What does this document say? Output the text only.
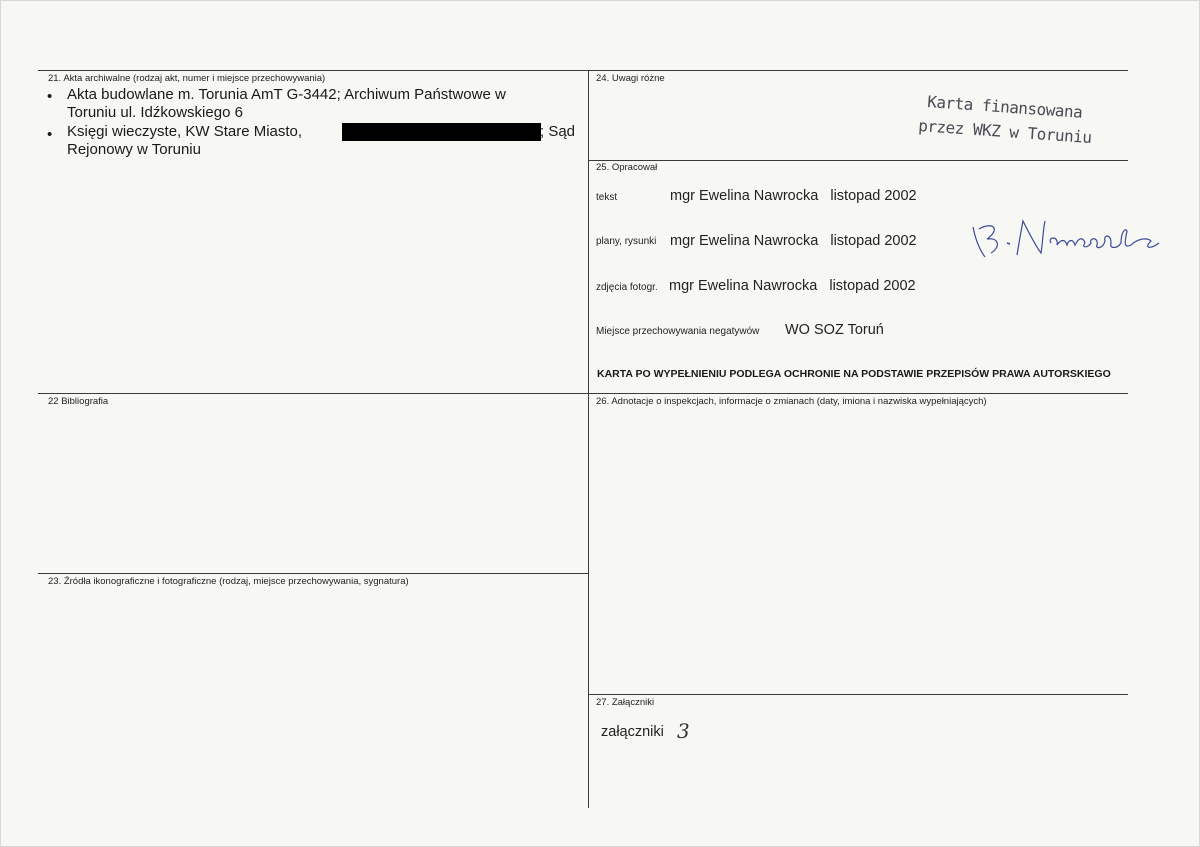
21. Akta archiwalne (rodzaj akt, numer i miejsce przechowywania)
• Akta budowlane m. Torunia AmT G-3442; Archiwum Państwowe w
Toruniu ul. Idźkowskiego 6
• Księgi wieczyste, KW Stare Miasto,	; Sąd
Rejonowy w Toruniu
22 Bibliografia
23. Źródła ikonograficzne i fotograficzne (rodzaj, miejsce przechowywania, sygnatura)
24. Uwagi różne
Karta finansowana
przez WKZ w Toruniu
25. Opracował
tekst	mgr Ewelina Nawrocka   listopad 2002
plany, rysunki mgr Ewelina Nawrocka   listopad 2002
zdjęcia fotogr. mgr Ewelina Nawrocka   listopad 2002
Miejsce przechowywania negatywów WO SOZ Toruń
KARTA PO WYPEŁNIENIU PODLEGA OCHRONIE NA PODSTAWIE PRZEPISÓW PRAWA AUTORSKIEGO
26. Adnotacje o inspekcjach, informacje o zmianach (daty, imiona i nazwiska wypełniających)
27. Załączniki
załączniki 3
